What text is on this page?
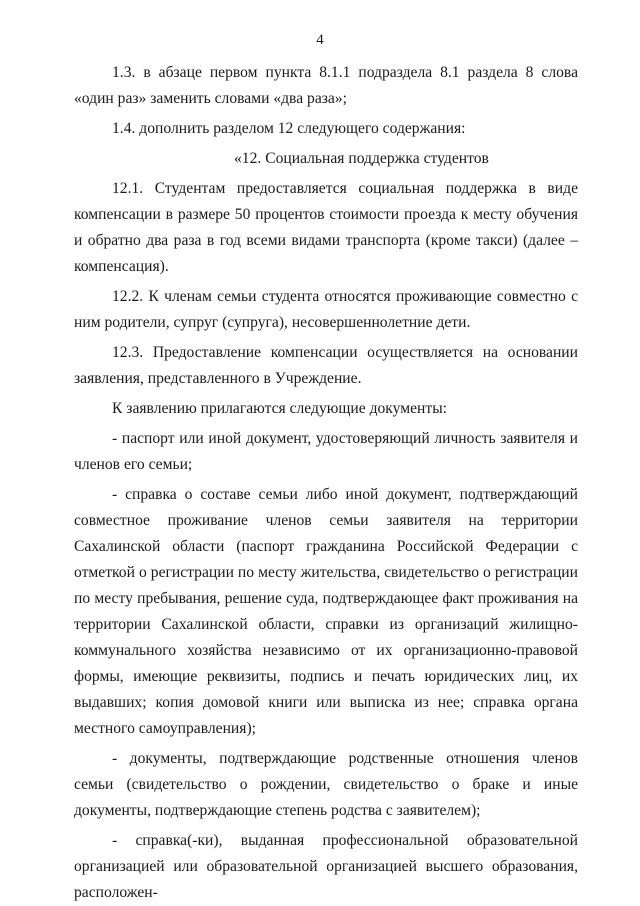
4

1.3. в абзаце первом пункта 8.1.1 подраздела 8.1 раздела 8 слова «один раз» заменить словами «два раза»;

1.4. дополнить разделом 12 следующего содержания:

«12. Социальная поддержка студентов

12.1. Студентам предоставляется социальная поддержка в виде компенсации в размере 50 процентов стоимости проезда к месту обучения и обратно два раза в год всеми видами транспорта (кроме такси) (далее – компенсация).

12.2. К членам семьи студента относятся проживающие совместно с ним родители, супруг (супруга), несовершеннолетние дети.

12.3. Предоставление компенсации осуществляется на основании заявления, представленного в Учреждение.

К заявлению прилагаются следующие документы:

- паспорт или иной документ, удостоверяющий личность заявителя и членов его семьи;

- справка о составе семьи либо иной документ, подтверждающий совместное проживание членов семьи заявителя на территории Сахалинской области (паспорт гражданина Российской Федерации с отметкой о регистрации по месту жительства, свидетельство о регистрации по месту пребывания, решение суда, подтверждающее факт проживания на территории Сахалинской области, справки из организаций жилищно-коммунального хозяйства независимо от их организационно-правовой формы, имеющие реквизиты, подпись и печать юридических лиц, их выдавших; копия домовой книги или выписка из нее; справка органа местного самоуправления);

- документы, подтверждающие родственные отношения членов семьи (свидетельство о рождении, свидетельство о браке и иные документы, подтверждающие степень родства с заявителем);

- справка(-ки), выданная профессиональной образовательной организацией или образовательной организацией высшего образования, расположен-
